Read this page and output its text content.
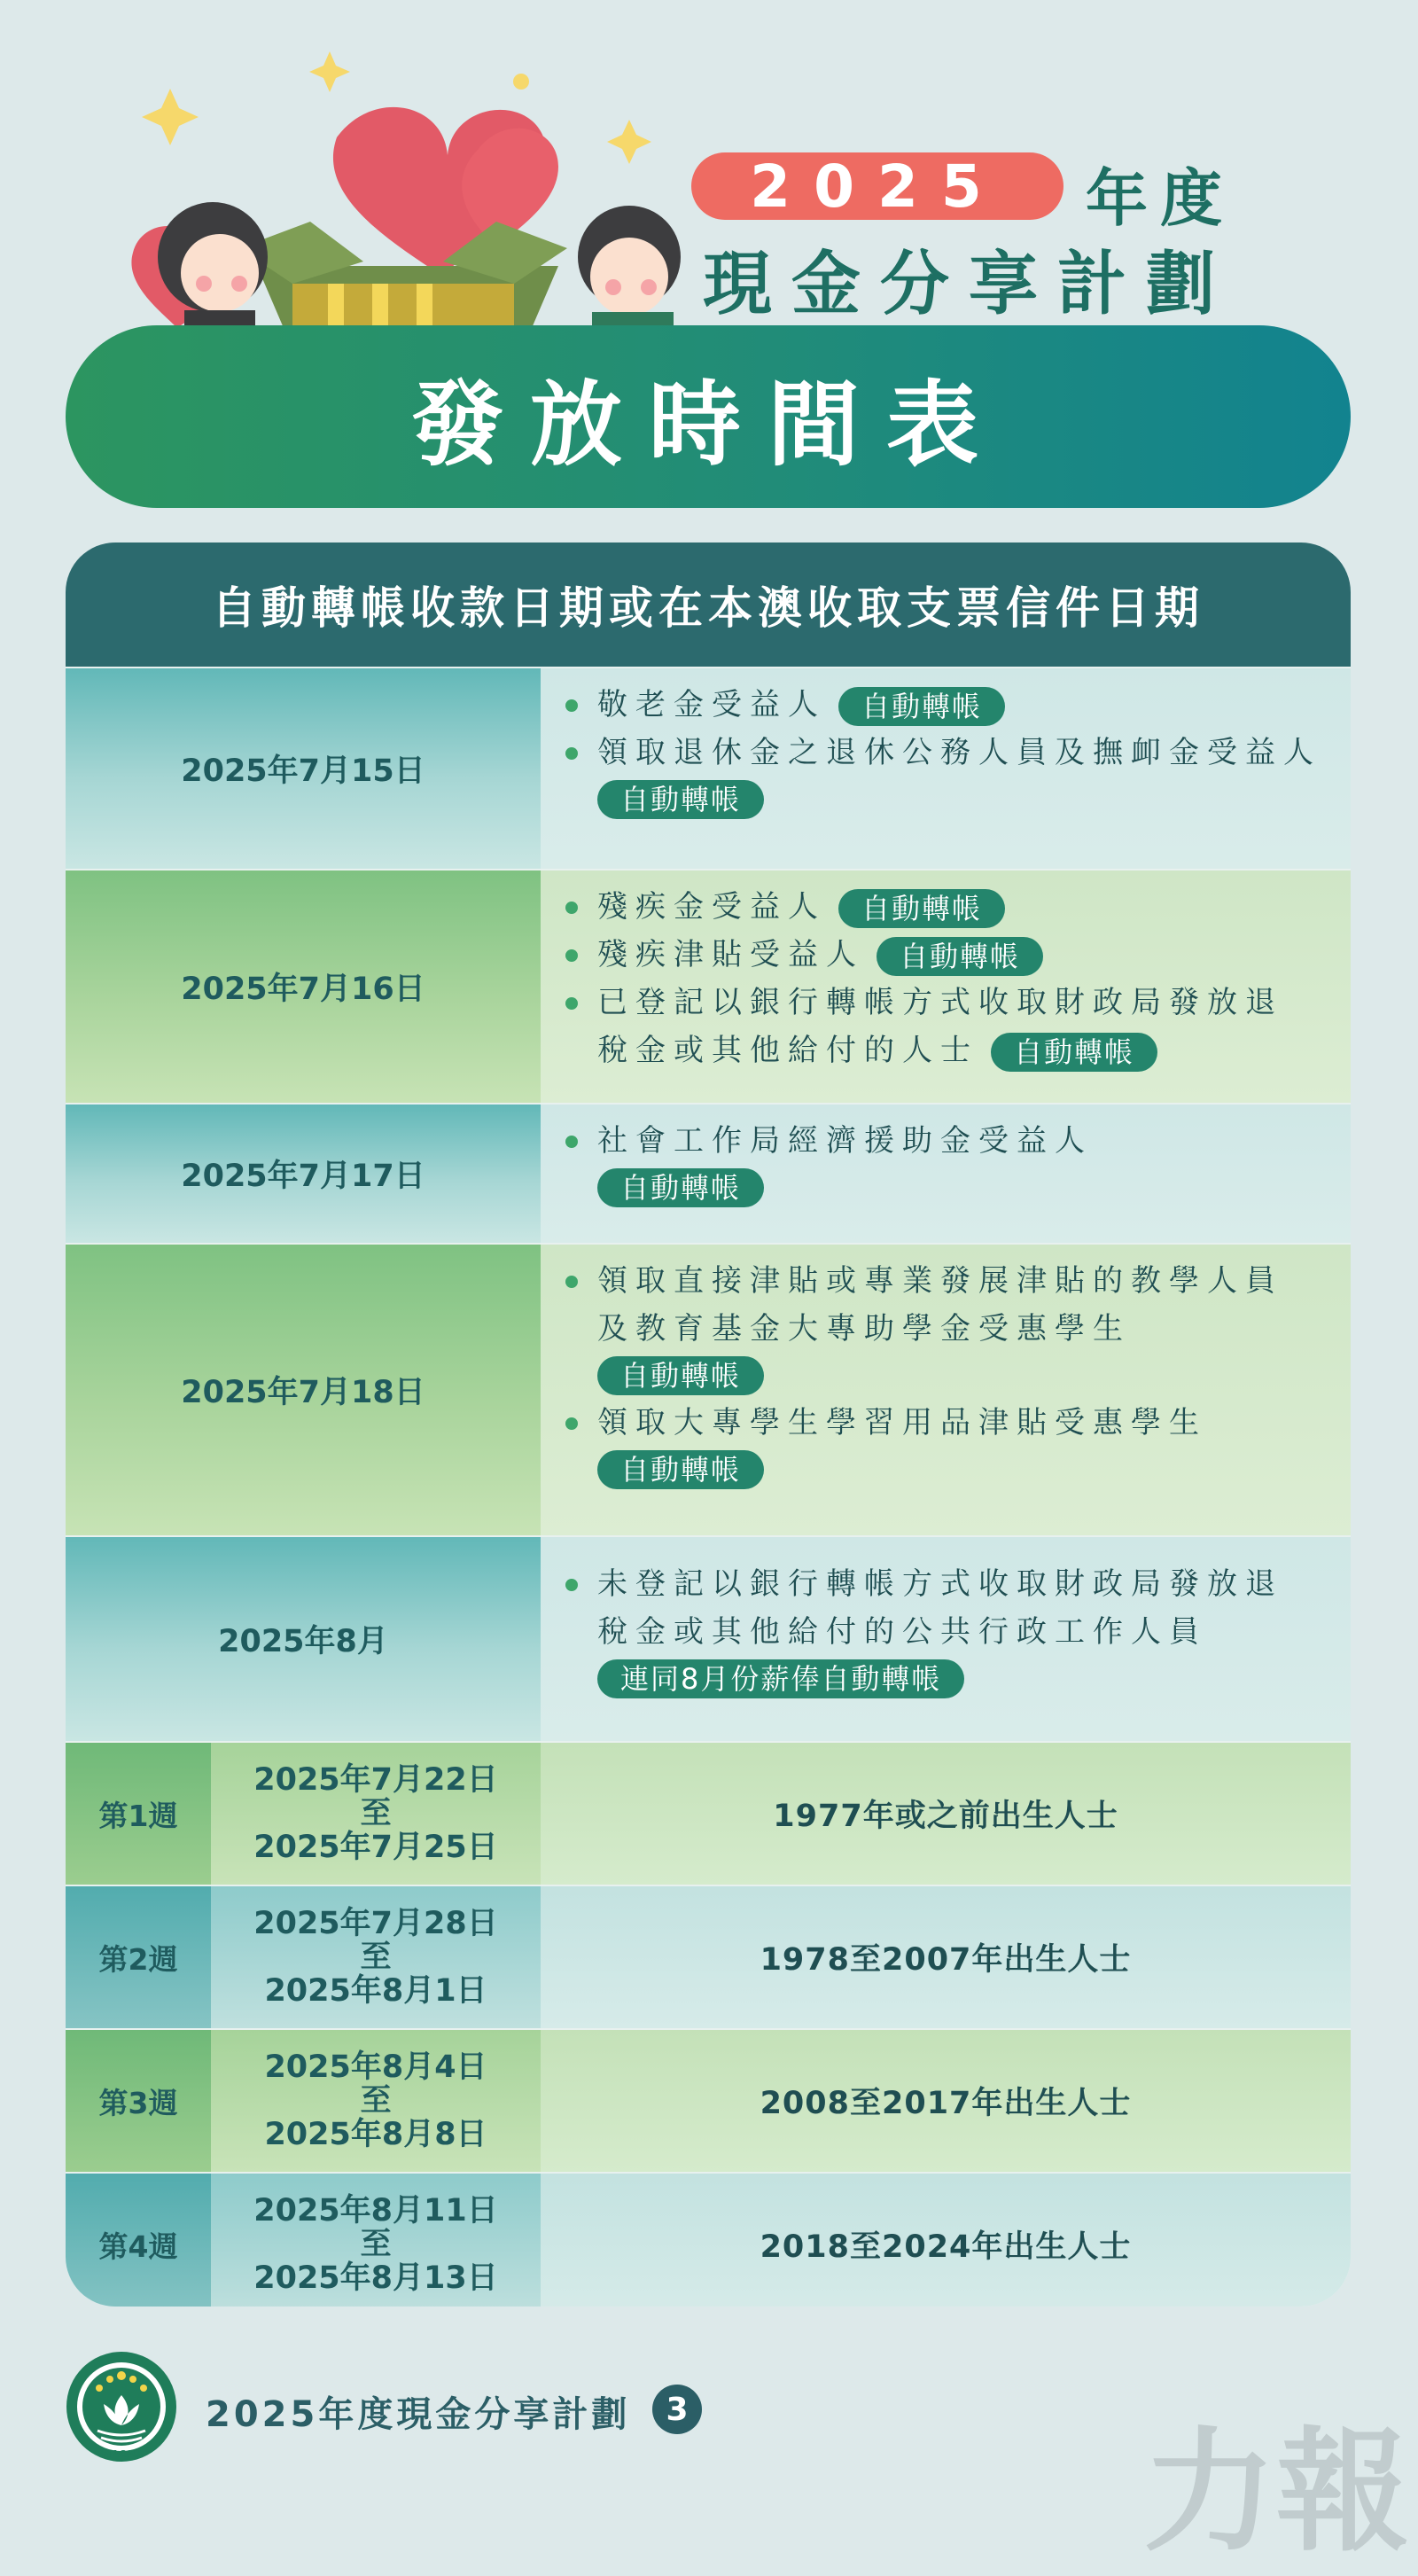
2025	年度
現金分享計劃
發放時間表
自動轉帳收款日期或在本澳收取支票信件日期
2025年7月15日
敬老金受益人 自動轉帳
領取退休金之退休公務人員及撫卹金受益人
自動轉帳
2025年7月16日
殘疾金受益人 自動轉帳
殘疾津貼受益人 自動轉帳
已登記以銀行轉帳方式收取財政局發放退
稅金或其他給付的人士 自動轉帳
2025年7月17日
社會工作局經濟援助金受益人
自動轉帳
2025年7月18日
領取直接津貼或專業發展津貼的教學人員
及教育基金大專助學金受惠學生
自動轉帳
領取大專學生學習用品津貼受惠學生
自動轉帳
2025年8月
未登記以銀行轉帳方式收取財政局發放退
稅金或其他給付的公共行政工作人員
連同8月份薪俸自動轉帳
第1週
2025年7月22日
至
2025年7月25日
1977年或之前出生人士
第2週
2025年7月28日
至
2025年8月1日
1978至2007年出生人士
第3週
2025年8月4日
至
2025年8月8日
2008至2017年出生人士
第4週
2025年8月11日
至
2025年8月13日
2018至2024年出生人士
MACAU
2025年度現金分享計劃	3
力報
